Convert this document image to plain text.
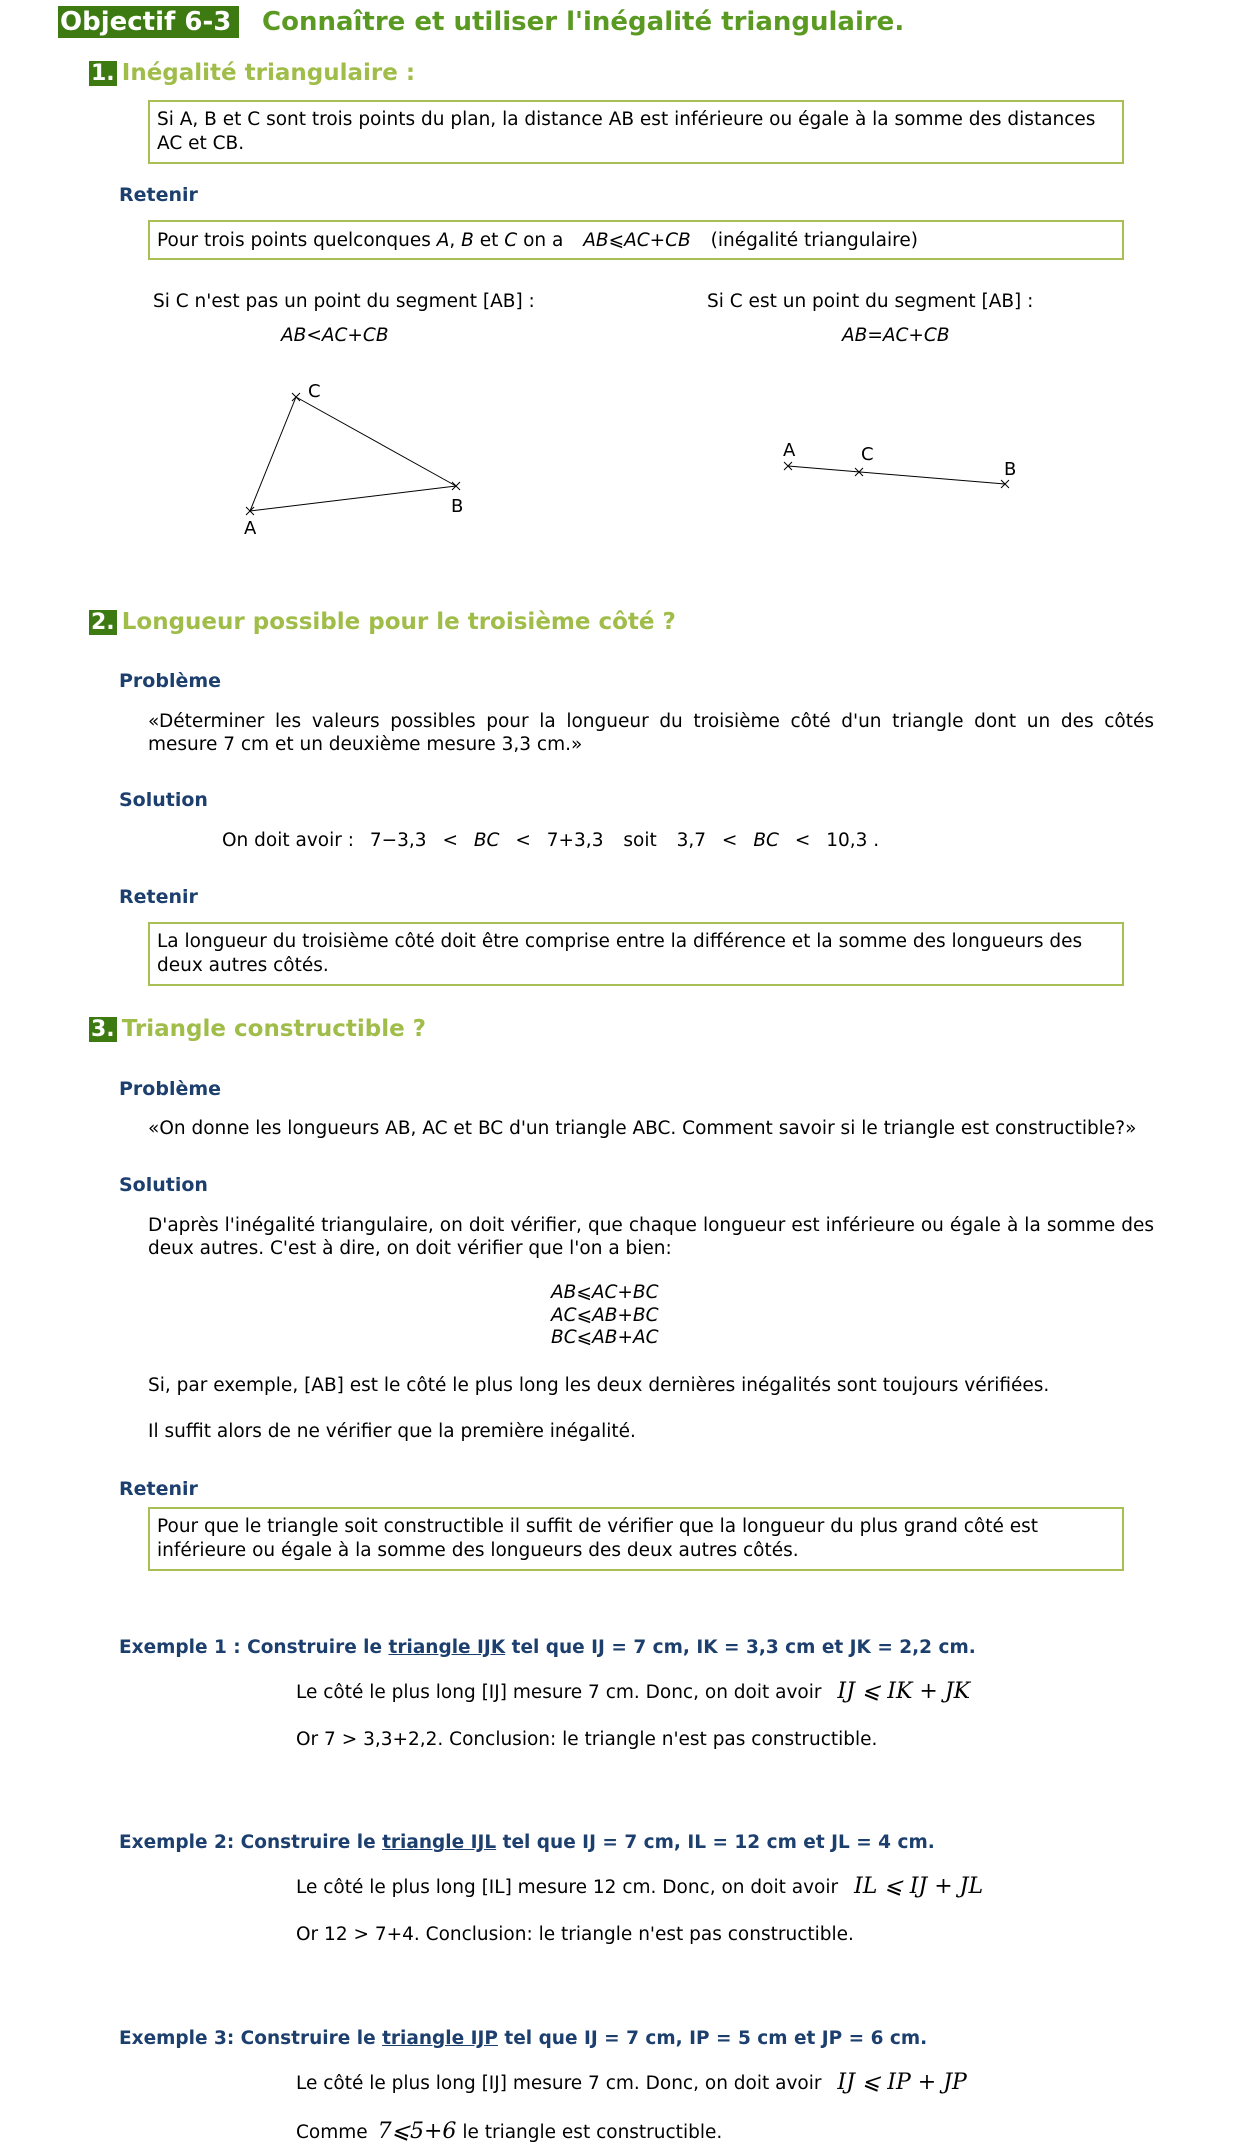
Objectif 6-3	Connaître et utiliser l'inégalité triangulaire.
1. Inégalité triangulaire :
Si A, B et C sont trois points du plan, la distance AB est inférieure ou égale à la somme des distances AC et CB.
Retenir
Pour trois points quelconques A, B et C on a AB⩽AC+CB (inégalité triangulaire)
Si C n'est pas un point du segment [AB] :
AB<AC+CB
Si C est un point du segment [AB] :
AB=AC+CB
A
B
C
A	C
B
2. Longueur possible pour le troisième côté ?
Problème
«Déterminer les valeurs possibles pour la longueur du troisième côté d'un triangle dont un des côtés mesure 7 cm et un deuxième mesure 3,3 cm.»
Solution
On doit avoir : 7−3,3 < BC < 7+3,3 soit 3,7 < BC < 10,3 .
Retenir
La longueur du troisième côté doit être comprise entre la différence et la somme des longueurs des deux autres côtés.
3. Triangle constructible ?
Problème
«On donne les longueurs AB, AC et BC d'un triangle ABC. Comment savoir si le triangle est constructible?»
Solution
D'après l'inégalité triangulaire, on doit vérifier, que chaque longueur est inférieure ou égale à la somme des deux autres. C'est à dire, on doit vérifier que l'on a bien:
AB⩽AC+BC
AC⩽AB+BC
BC⩽AB+AC
Si, par exemple, [AB] est le côté le plus long les deux dernières inégalités sont toujours vérifiées.
Il suffit alors de ne vérifier que la première inégalité.
Retenir
Pour que le triangle soit constructible il suffit de vérifier que la longueur du plus grand côté est inférieure ou égale à la somme des longueurs des deux autres côtés.
Exemple 1 : Construire le triangle IJK tel que IJ = 7 cm, IK = 3,3 cm et JK = 2,2 cm.
Le côté le plus long [IJ] mesure 7 cm. Donc, on doit avoir IJ ⩽ IK + JK
Or 7 > 3,3+2,2. Conclusion: le triangle n'est pas constructible.
Exemple 2: Construire le triangle IJL tel que IJ = 7 cm, IL = 12 cm et JL = 4 cm.
Le côté le plus long [IL] mesure 12 cm. Donc, on doit avoir IL ⩽ IJ + JL
Or 12 > 7+4. Conclusion: le triangle n'est pas constructible.
Exemple 3: Construire le triangle IJP tel que IJ = 7 cm, IP = 5 cm et JP = 6 cm.
Le côté le plus long [IJ] mesure 7 cm. Donc, on doit avoir IJ ⩽ IP + JP
Comme 7⩽5+6 le triangle est constructible.
